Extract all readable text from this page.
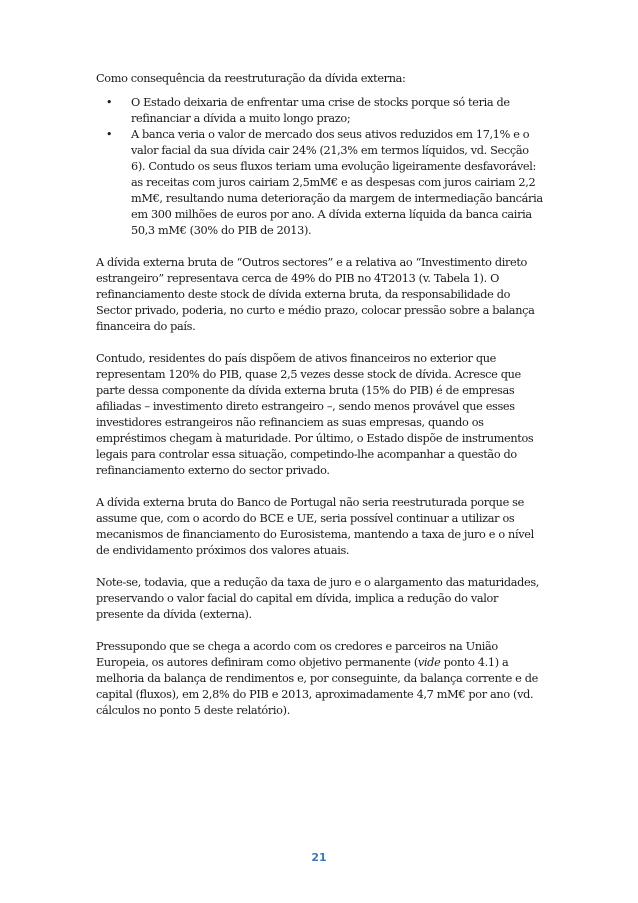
Como consequência da reestruturação da dívida externa:

• O Estado deixaria de enfrentar uma crise de stocks porque só teria de refinanciar a dívida a muito longo prazo;
• A banca veria o valor de mercado dos seus ativos reduzidos em 17,1% e o valor facial da sua dívida cair 24% (21,3% em termos líquidos, vd. Secção 6). Contudo os seus fluxos teriam uma evolução ligeiramente desfavorável: as receitas com juros cairiam 2,5mM€ e as despesas com juros cairiam 2,2 mM€, resultando numa deterioração da margem de intermediação bancária em 300 milhões de euros por ano. A dívida externa líquida da banca cairia 50,3 mM€ (30% do PIB de 2013).

A dívida externa bruta de “Outros sectores” e a relativa ao “Investimento direto estrangeiro” representava cerca de 49% do PIB no 4T2013 (v. Tabela 1). O refinanciamento deste stock de dívida externa bruta, da responsabilidade do Sector privado, poderia, no curto e médio prazo, colocar pressão sobre a balança financeira do país.

Contudo, residentes do país dispõem de ativos financeiros no exterior que representam 120% do PIB, quase 2,5 vezes desse stock de dívida. Acresce que parte dessa componente da dívida externa bruta (15% do PIB) é de empresas afiliadas – investimento direto estrangeiro –, sendo menos provável que esses investidores estrangeiros não refinanciem as suas empresas, quando os empréstimos chegam à maturidade. Por último, o Estado dispõe de instrumentos legais para controlar essa situação, competindo-lhe acompanhar a questão do refinanciamento externo do sector privado.

A dívida externa bruta do Banco de Portugal não seria reestruturada porque se assume que, com o acordo do BCE e UE, seria possível continuar a utilizar os mecanismos de financiamento do Eurosistema, mantendo a taxa de juro e o nível de endividamento próximos dos valores atuais.

Note-se, todavia, que a redução da taxa de juro e o alargamento das maturidades, preservando o valor facial do capital em dívida, implica a redução do valor presente da dívida (externa).

Pressupondo que se chega a acordo com os credores e parceiros na União Europeia, os autores definiram como objetivo permanente (vide ponto 4.1) a melhoria da balança de rendimentos e, por conseguinte, da balança corrente e de capital (fluxos), em 2,8% do PIB e 2013, aproximadamente 4,7 mM€ por ano (vd. cálculos no ponto 5 deste relatório).

21
